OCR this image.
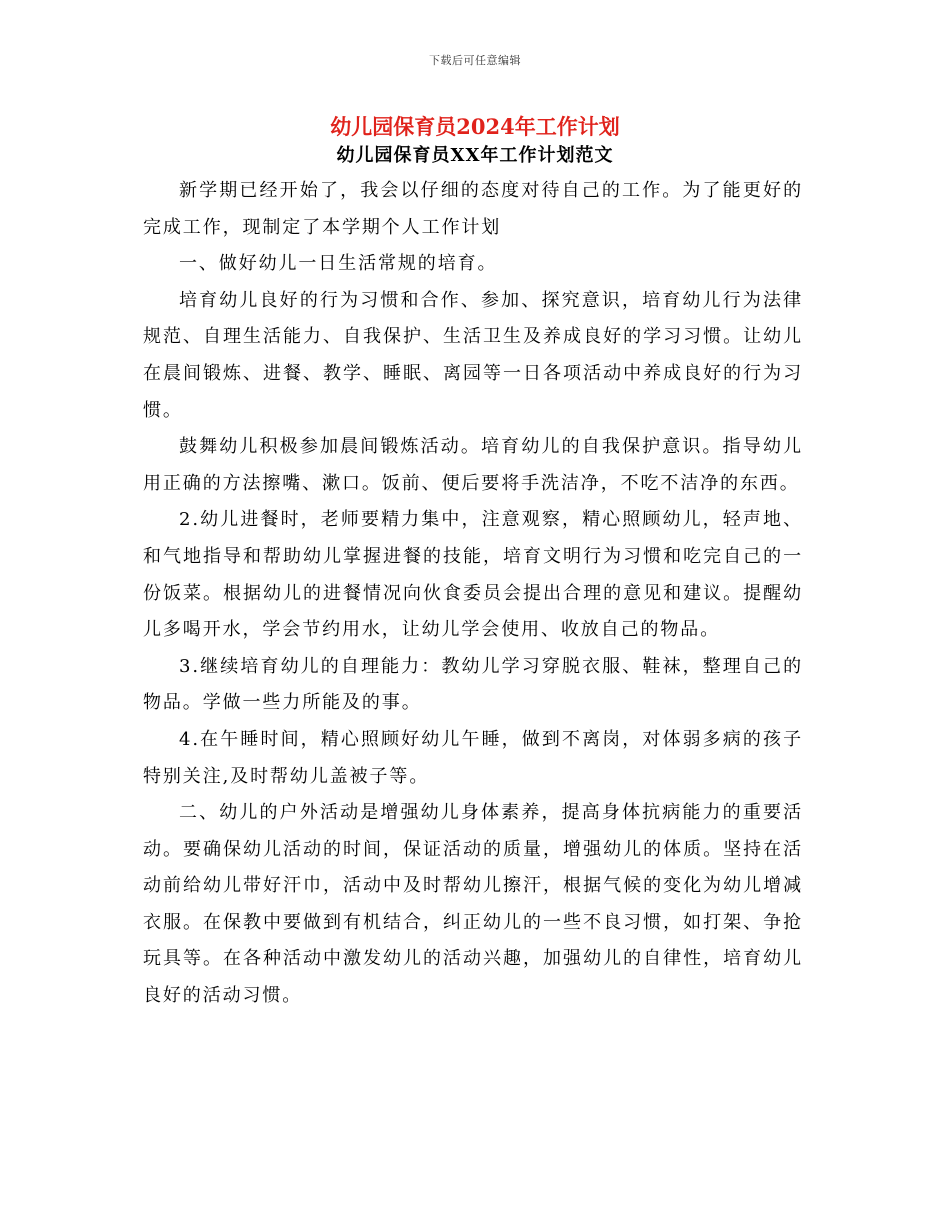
下载后可任意编辑
幼儿园保育员2024年工作计划
幼儿园保育员XX年工作计划范文

新学期已经开始了，我会以仔细的态度对待自己的工作。为了能更好的完成工作，现制定了本学期个人工作计划

一、做好幼儿一日生活常规的培育。

培育幼儿良好的行为习惯和合作、参加、探究意识，培育幼儿行为法律规范、自理生活能力、自我保护、生活卫生及养成良好的学习习惯。让幼儿在晨间锻炼、进餐、教学、睡眠、离园等一日各项活动中养成良好的行为习惯。

鼓舞幼儿积极参加晨间锻炼活动。培育幼儿的自我保护意识。指导幼儿用正确的方法擦嘴、漱口。饭前、便后要将手洗洁净，不吃不洁净的东西。

2.幼儿进餐时，老师要精力集中，注意观察，精心照顾幼儿，轻声地、和气地指导和帮助幼儿掌握进餐的技能，培育文明行为习惯和吃完自己的一份饭菜。根据幼儿的进餐情况向伙食委员会提出合理的意见和建议。提醒幼儿多喝开水，学会节约用水，让幼儿学会使用、收放自己的物品。

3.继续培育幼儿的自理能力：教幼儿学习穿脱衣服、鞋袜，整理自己的物品。学做一些力所能及的事。

4.在午睡时间，精心照顾好幼儿午睡，做到不离岗，对体弱多病的孩子特别关注,及时帮幼儿盖被子等。

二、幼儿的户外活动是增强幼儿身体素养，提高身体抗病能力的重要活动。要确保幼儿活动的时间，保证活动的质量，增强幼儿的体质。坚持在活动前给幼儿带好汗巾，活动中及时帮幼儿擦汗，根据气候的变化为幼儿增减衣服。在保教中要做到有机结合，纠正幼儿的一些不良习惯，如打架、争抢玩具等。在各种活动中激发幼儿的活动兴趣，加强幼儿的自律性，培育幼儿良好的活动习惯。
